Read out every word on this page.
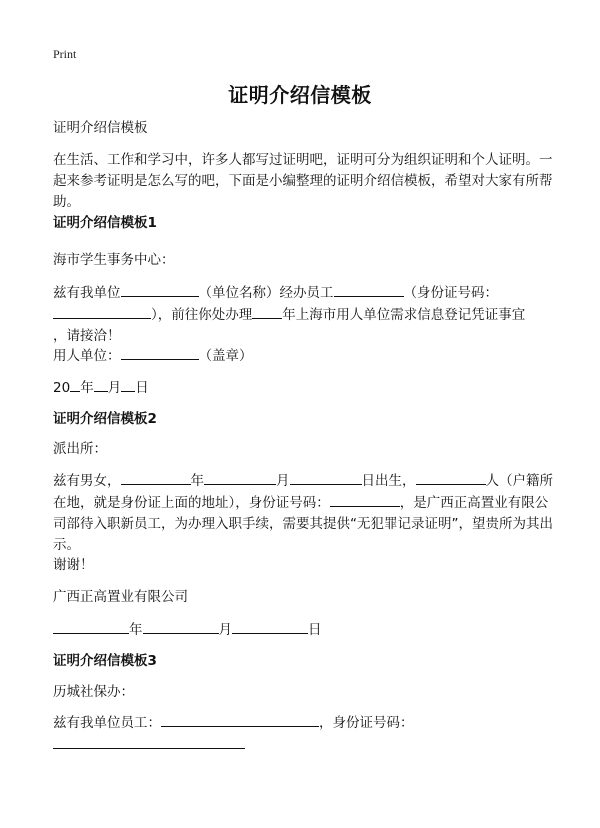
Print
证明介绍信模板
证明介绍信模板
在生活、工作和学习中，许多人都写过证明吧，证明可分为组织证明和个人证明。一起来参考证明是怎么写的吧，下面是小编整理的证明介绍信模板，希望对大家有所帮助。
证明介绍信模板1
海市学生事务中心：
兹有我单位	（单位名称）经办员工	（身份证号码：
），前往你处办理 年上海市用人单位需求信息登记凭证事宜
，请接洽！
用人单位：	（盖章）
20 年 月 日
证明介绍信模板2
派出所：
兹有男女，	年	月	日出生，	人（户籍所在地，就是身份证上面的地址），身份证号码：	，是广西正高置业有限公司部待入职新员工，为办理入职手续，需要其提供“无犯罪记录证明”，望贵所为其出示。
谢谢！
广西正高置业有限公司
年	月	日
证明介绍信模板3
历城社保办：
兹有我单位员工：	，身份证号码：
